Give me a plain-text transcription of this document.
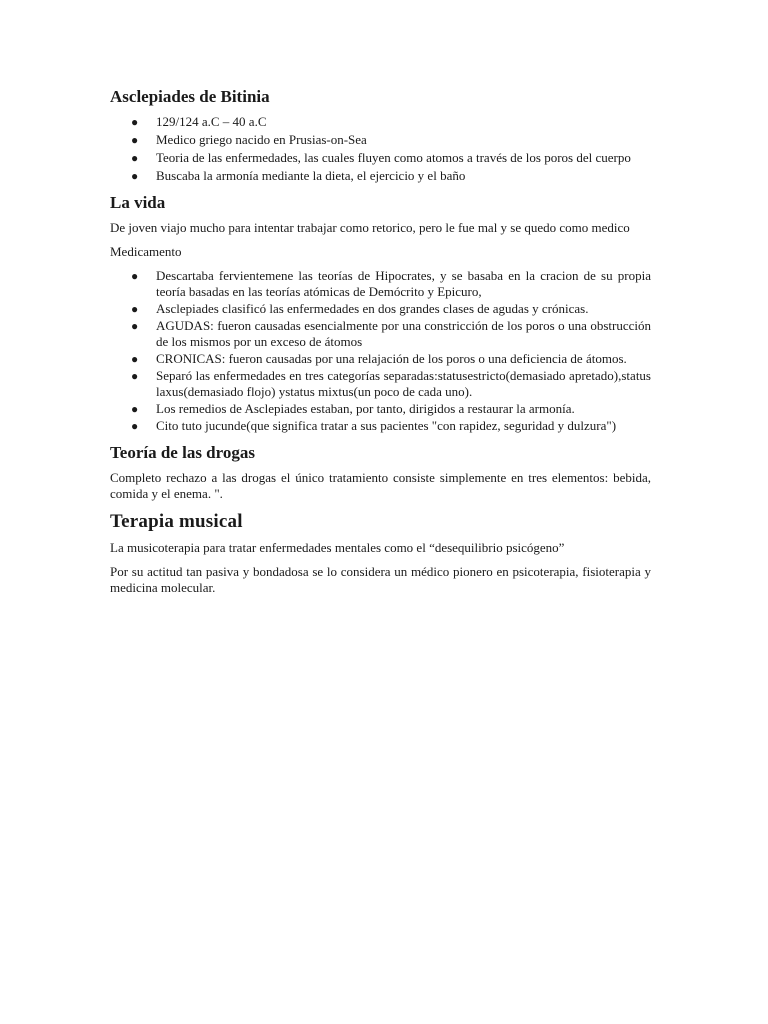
Asclepiades de Bitinia
● 129/124 a.C – 40 a.C
● Medico griego nacido en Prusias-on-Sea
● Teoria de las enfermedades, las cuales fluyen como atomos a través de los poros del cuerpo
● Buscaba la armonía mediante la dieta, el ejercicio y el baño
La vida

De joven viajo mucho para intentar trabajar como retorico, pero le fue mal y se quedo como medico

Medicamento

● Descartaba fervientemene las teorías de Hipocrates, y se basaba en la cracion de su propia teoría basadas en las teorías atómicas de Demócrito y Epicuro,
● Asclepiades clasificó las enfermedades en dos grandes clases de agudas y crónicas.
● AGUDAS: fueron causadas esencialmente por una constricción de los poros o una obstrucción de los mismos por un exceso de átomos
● CRONICAS: fueron causadas por una relajación de los poros o una deficiencia de átomos.
● Separó las enfermedades en tres categorías separadas:statusestricto(demasiado apretado),status laxus(demasiado flojo) ystatus mixtus(un poco de cada uno).
● Los remedios de Asclepiades estaban, por tanto, dirigidos a restaurar la armonía.
● Cito tuto jucunde(que significa tratar a sus pacientes "con rapidez, seguridad y dulzura")
Teoría de las drogas

Completo rechazo a las drogas el único tratamiento consiste simplemente en tres elementos: bebida, comida y el enema. ".

Terapia musical

La musicoterapia para tratar enfermedades mentales como el “desequilibrio psicógeno”

Por su actitud tan pasiva y bondadosa se lo considera un médico pionero en psicoterapia, fisioterapia y medicina molecular.
